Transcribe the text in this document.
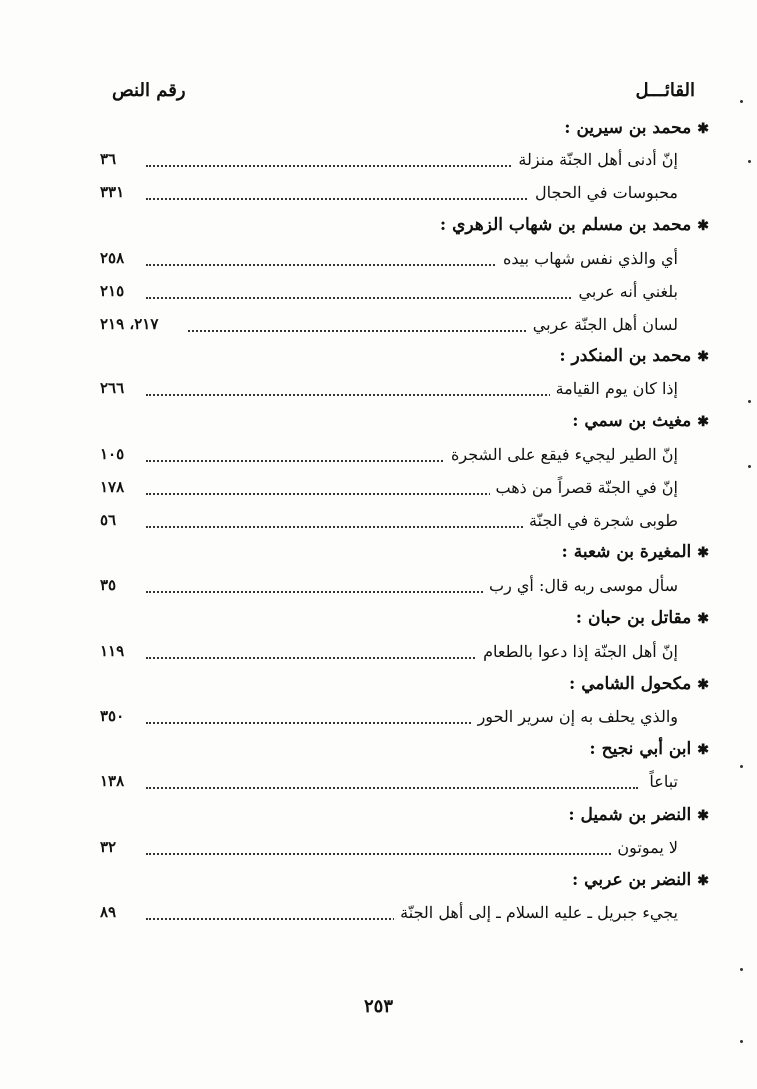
القائـــل
رقم النص
✱محمد بن سيرين :
إنّ أدنى أهل الجنّة منزلة
٣٦
محبوسات في الحجال
٣٣١
✱محمد بن مسلم بن شهاب الزهري :
أي والذي نفس شهاب بيده
٢٥٨
بلغني أنه عربي
٢١٥
لسان أهل الجنّة عربي
٢١٧، ٢١٩
✱محمد بن المنكدر :
إذا كان يوم القيامة
٢٦٦
✱مغيث بن سمي :
إنّ الطير ليجيء فيقع على الشجرة
١٠٥
إنّ في الجنّة قصراً من ذهب
١٧٨
طوبى شجرة في الجنّة
٥٦
✱المغيرة بن شعبة :
سأل موسى ربه قال: أي رب
٣٥
✱مقاتل بن حبان :
إنّ أهل الجنّة إذا دعوا بالطعام
١١٩
✱مكحول الشامي :
والذي يحلف به إن سرير الحور
٣٥٠
✱ابن أبي نجيح :
تباعاً
١٣٨
✱النضر بن شميل :
لا يموتون
٣٢
✱النضر بن عربي :
يجيء جبريل ـ عليه السلام ـ إلى أهل الجنّة
٨٩
٢٥٣
